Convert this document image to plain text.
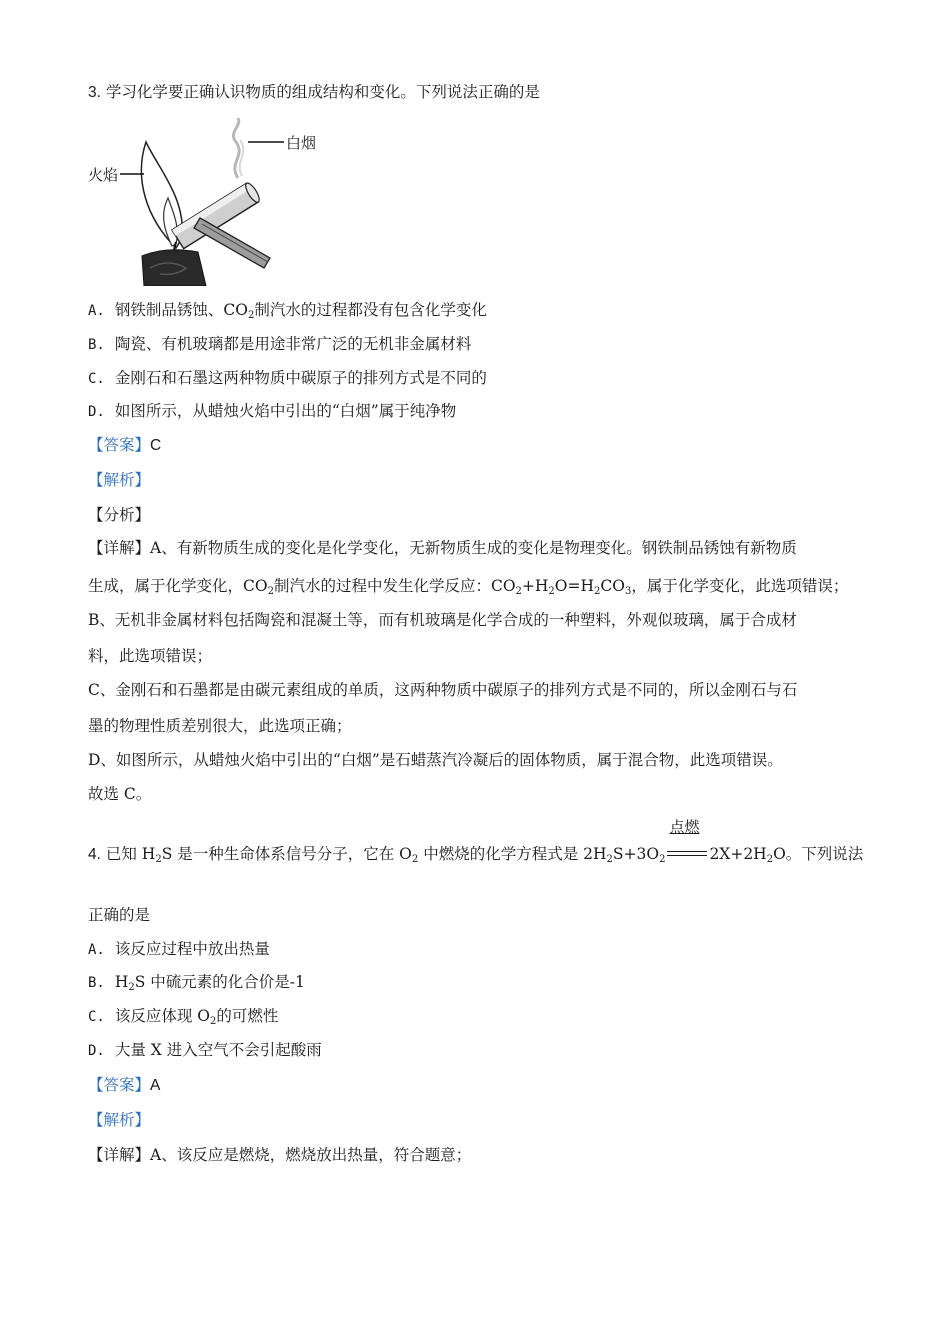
3. 学习化学要正确认识物质的组成结构和变化。下列说法正确的是
火焰
白烟
A. 钢铁制品锈蚀、$CO_2$制汽水的过程都没有包含化学变化
B. 陶瓷、有机玻璃都是用途非常广泛的无机非金属材料
C. 金刚石和石墨这两种物质中碳原子的排列方式是不同的
D. 如图所示，从蜡烛火焰中引出的“白烟”属于纯净物
【答案】C
【解析】
【分析】
【详解】A、有新物质生成的变化是化学变化，无新物质生成的变化是物理变化。钢铁制品锈蚀有新物质
生成，属于化学变化，$CO_2$制汽水的过程中发生化学反应：$CO_2+H_2O=H_2CO_3$，属于化学变化，此选项错误；
B、无机非金属材料包括陶瓷和混凝土等，而有机玻璃是化学合成的一种塑料，外观似玻璃，属于合成材
料，此选项错误；
C、金刚石和石墨都是由碳元素组成的单质，这两种物质中碳原子的排列方式是不同的，所以金刚石与石
墨的物理性质差别很大，此选项正确；
D、如图所示，从蜡烛火焰中引出的“白烟”是石蜡蒸汽冷凝后的固体物质，属于混合物，此选项错误。
故选 C。
4. 已知 $H_2S$ 是一种生命体系信号分子，它在 $O_2$ 中燃烧的化学方程式是 $2H_2S+3O_2$
点燃
$2X+2H_2O$。下列说法
正确的是
A. 该反应过程中放出热量
B. $H_2S$ 中硫元素的化合价是-1
C. 该反应体现 $O_2$的可燃性
D. 大量 X 进入空气不会引起酸雨
【答案】A
【解析】
【详解】A、该反应是燃烧，燃烧放出热量，符合题意；
